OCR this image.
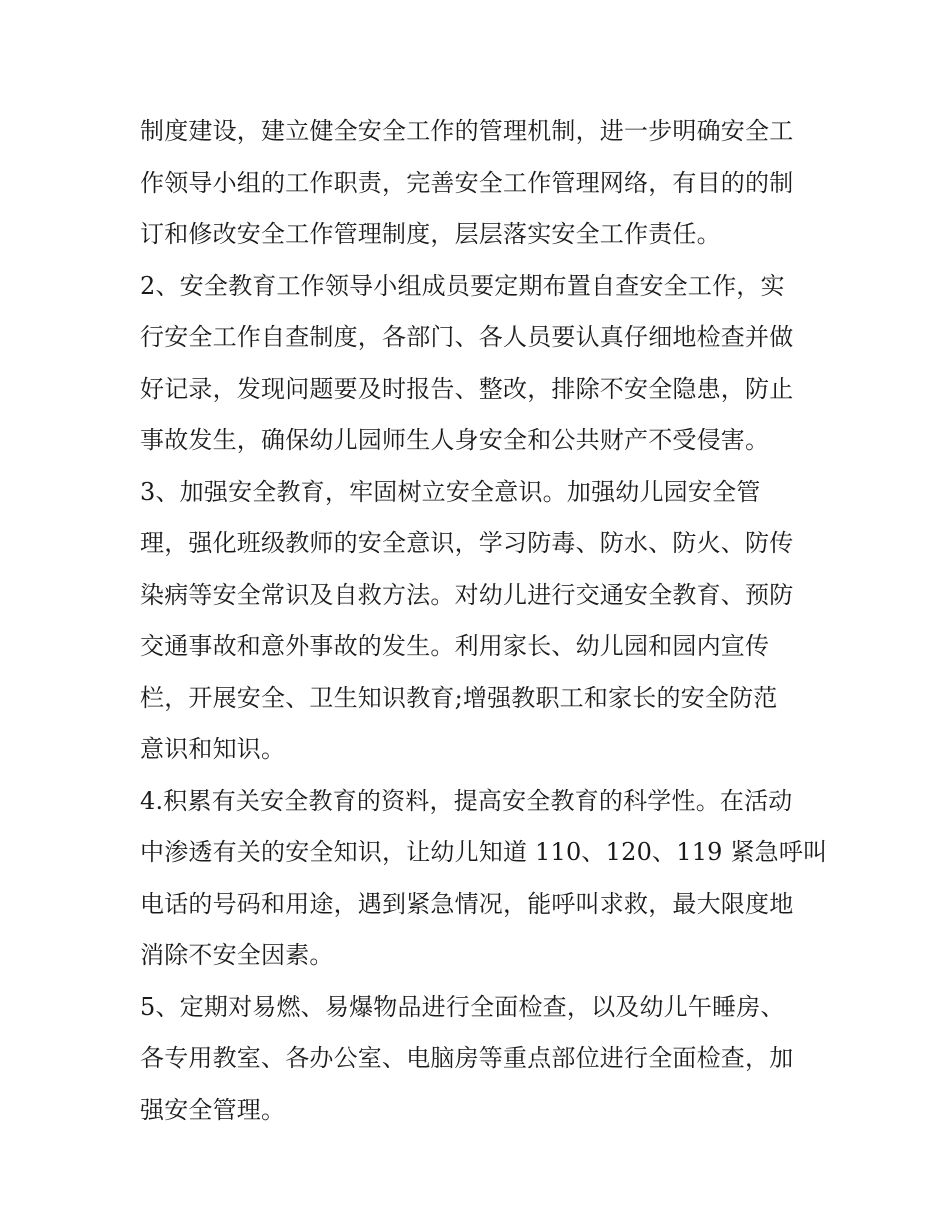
制度建设，建立健全安全工作的管理机制，进一步明确安全工
作领导小组的工作职责，完善安全工作管理网络，有目的的制
订和修改安全工作管理制度，层层落实安全工作责任。
2、安全教育工作领导小组成员要定期布置自查安全工作，实
行安全工作自查制度，各部门、各人员要认真仔细地检查并做
好记录，发现问题要及时报告、整改，排除不安全隐患，防止
事故发生，确保幼儿园师生人身安全和公共财产不受侵害。
3、加强安全教育，牢固树立安全意识。加强幼儿园安全管
理，强化班级教师的安全意识，学习防毒、防水、防火、防传
染病等安全常识及自救方法。对幼儿进行交通安全教育、预防
交通事故和意外事故的发生。利用家长、幼儿园和园内宣传
栏，开展安全、卫生知识教育;增强教职工和家长的安全防范
意识和知识。
4.积累有关安全教育的资料，提高安全教育的科学性。在活动
中渗透有关的安全知识，让幼儿知道 110、120、119 紧急呼叫
电话的号码和用途，遇到紧急情况，能呼叫求救，最大限度地
消除不安全因素。
5、定期对易燃、易爆物品进行全面检查，以及幼儿午睡房、
各专用教室、各办公室、电脑房等重点部位进行全面检查，加
强安全管理。
